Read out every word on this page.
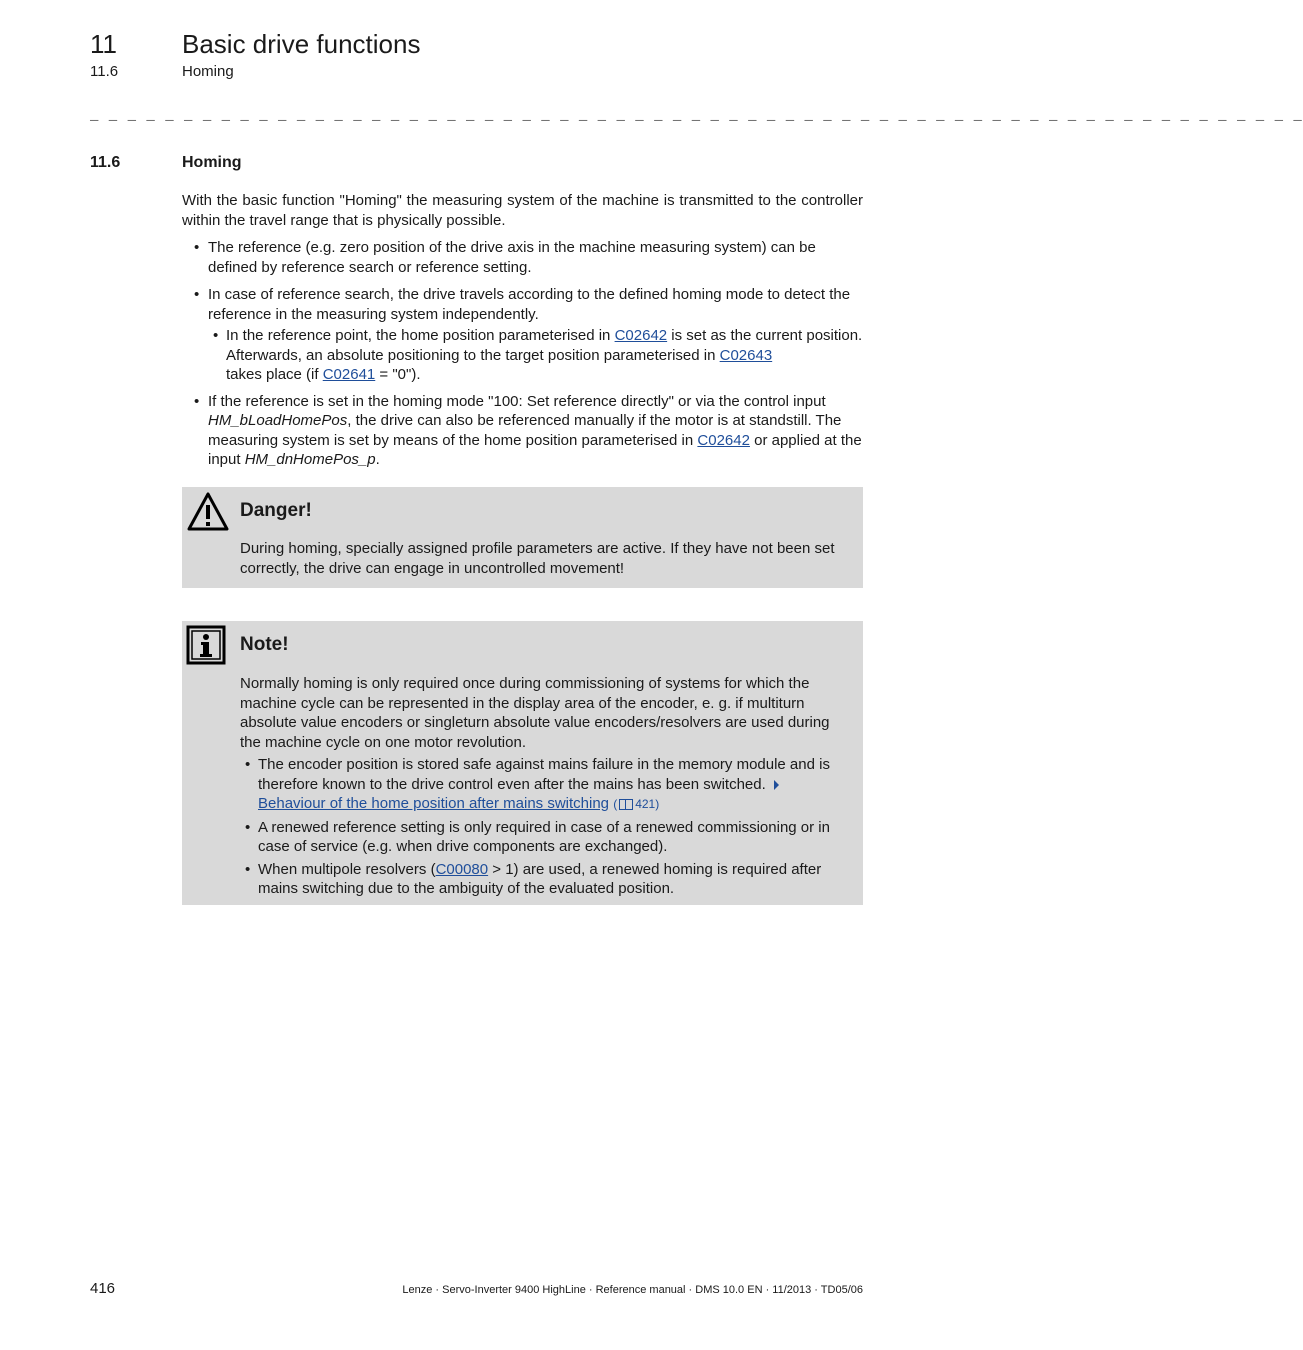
11	Basic drive functions
11.6	Homing
_ _ _ _ _ _ _ _ _ _ _ _ _ _ _ _ _ _ _ _ _ _ _ _ _ _ _ _ _ _ _ _ _ _ _ _ _ _ _ _ _ _ _ _ _ _ _ _ _ _ _ _ _ _ _ _ _ _ _ _ _ _ _ _ _
11.6	Homing

With the basic function "Homing" the measuring system of the machine is transmitted to the controller within the travel range that is physically possible.

• The reference (e.g. zero position of the drive axis in the machine measuring system) can be defined by reference search or reference setting.
• In case of reference search, the drive travels according to the defined homing mode to detect the reference in the measuring system independently.
• In the reference point, the home position parameterised in C02642 is set as the current position. Afterwards, an absolute positioning to the target position parameterised in C02643
takes place (if C02641 = "0").
• If the reference is set in the homing mode "100: Set reference directly" or via the control input
HM_bLoadHomePos, the drive can also be referenced manually if the motor is at standstill. The measuring system is set by means of the home position parameterised in C02642 or applied at the input HM_dnHomePos_p.
Danger!

During homing, specially assigned profile parameters are active. If they have not been set correctly, the drive can engage in uncontrolled movement!

Note!

Normally homing is only required once during commissioning of systems for which the machine cycle can be represented in the display area of the encoder, e. g. if multiturn absolute value encoders or singleturn absolute value encoders/resolvers are used during the machine cycle on one motor revolution.

• The encoder position is stored safe against mains failure in the memory module and is therefore known to the drive control even after the mains has been switched. Behaviour of the home position after mains switching ( 421)
• A renewed reference setting is only required in case of a renewed commissioning or in case of service (e.g. when drive components are exchanged).
• When multipole resolvers (C00080 > 1) are used, a renewed homing is required after mains switching due to the ambiguity of the evaluated position.
416	Lenze · Servo-Inverter 9400 HighLine · Reference manual · DMS 10.0 EN · 11/2013 · TD05/06
